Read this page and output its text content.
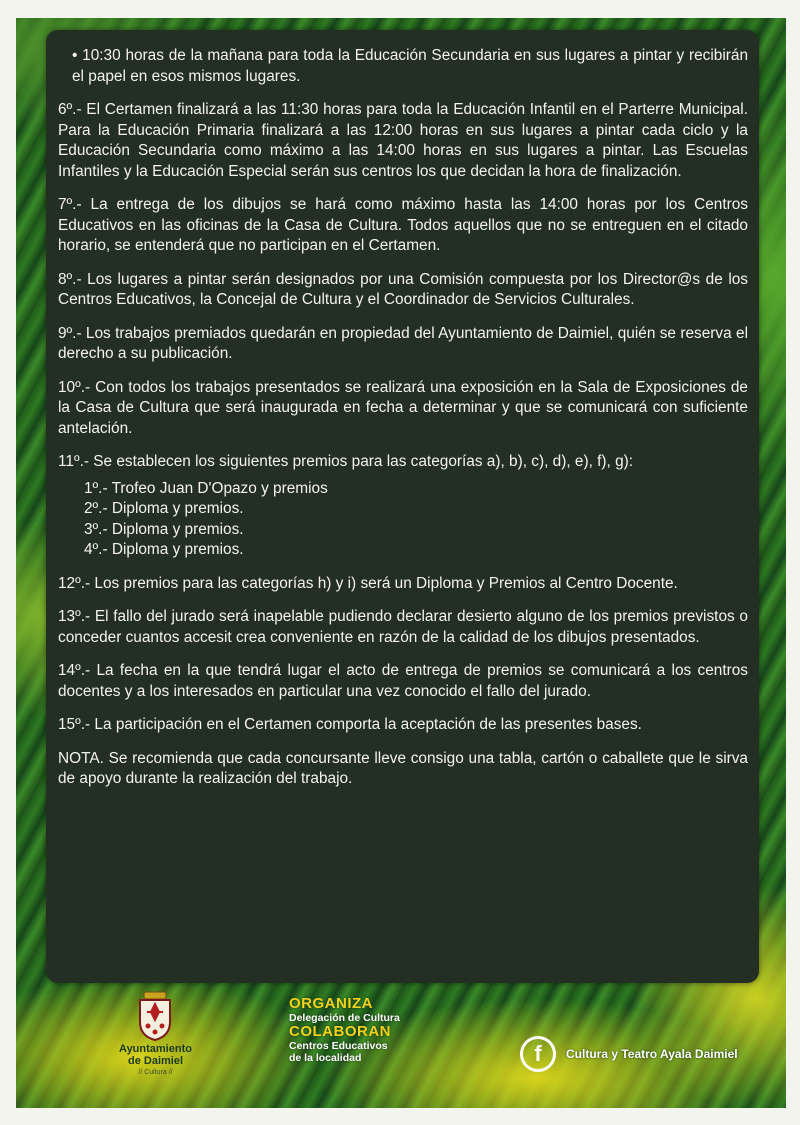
• 10:30 horas de la mañana para toda la Educación Secundaria en sus lugares a pintar y recibirán el papel en esos mismos lugares.

6º.- El Certamen finalizará a las 11:30 horas para toda la Educación Infantil en el Parterre Municipal. Para la Educación Primaria finalizará a las 12:00 horas en sus lugares a pintar cada ciclo y la Educación Secundaria como máximo a las 14:00 horas en sus lugares a pintar. Las Escuelas Infantiles y la Educación Especial serán sus centros los que decidan la hora de finalización.

7º.- La entrega de los dibujos se hará como máximo hasta las 14:00 horas por los Centros Educativos en las oficinas de la Casa de Cultura. Todos aquellos que no se entreguen en el citado horario, se entenderá que no participan en el Certamen.

8º.- Los lugares a pintar serán designados por una Comisión compuesta por los Director@s de los Centros Educativos, la Concejal de Cultura y el Coordinador de Servicios Culturales.

9º.- Los trabajos premiados quedarán en propiedad del Ayuntamiento de Daimiel, quién se reserva el derecho a su publicación.

10º.- Con todos los trabajos presentados se realizará una exposición en la Sala de Exposiciones de la Casa de Cultura que será inaugurada en fecha a determinar y que se comunicará con suficiente antelación.

11º.- Se establecen los siguientes premios para las categorías a), b), c), d), e), f), g):

1º.- Trofeo Juan D'Opazo y premios

2º.- Diploma y premios.

3º.- Diploma y premios.

4º.- Diploma y premios.

12º.- Los premios para las categorías h) y i) será un Diploma y Premios al Centro Docente.

13º.- El fallo del jurado será inapelable pudiendo declarar desierto alguno de los premios previstos o conceder cuantos accesit crea conveniente en razón de la calidad de los dibujos presentados.

14º.- La fecha en la que tendrá lugar el acto de entrega de premios se comunicará a los centros docentes y a los interesados en particular una vez conocido el fallo del jurado.

15º.- La participación en el Certamen comporta la aceptación de las presentes bases.

NOTA. Se recomienda que cada concursante lleve consigo una tabla, cartón o caballete que le sirva de apoyo durante la realización del trabajo.

Ayuntamiento
de Daimiel
// Cultura //
ORGANIZA
Delegación de Cultura
COLABORAN
Centros Educativos
de la localidad	f	Cultura y Teatro Ayala Daimiel
